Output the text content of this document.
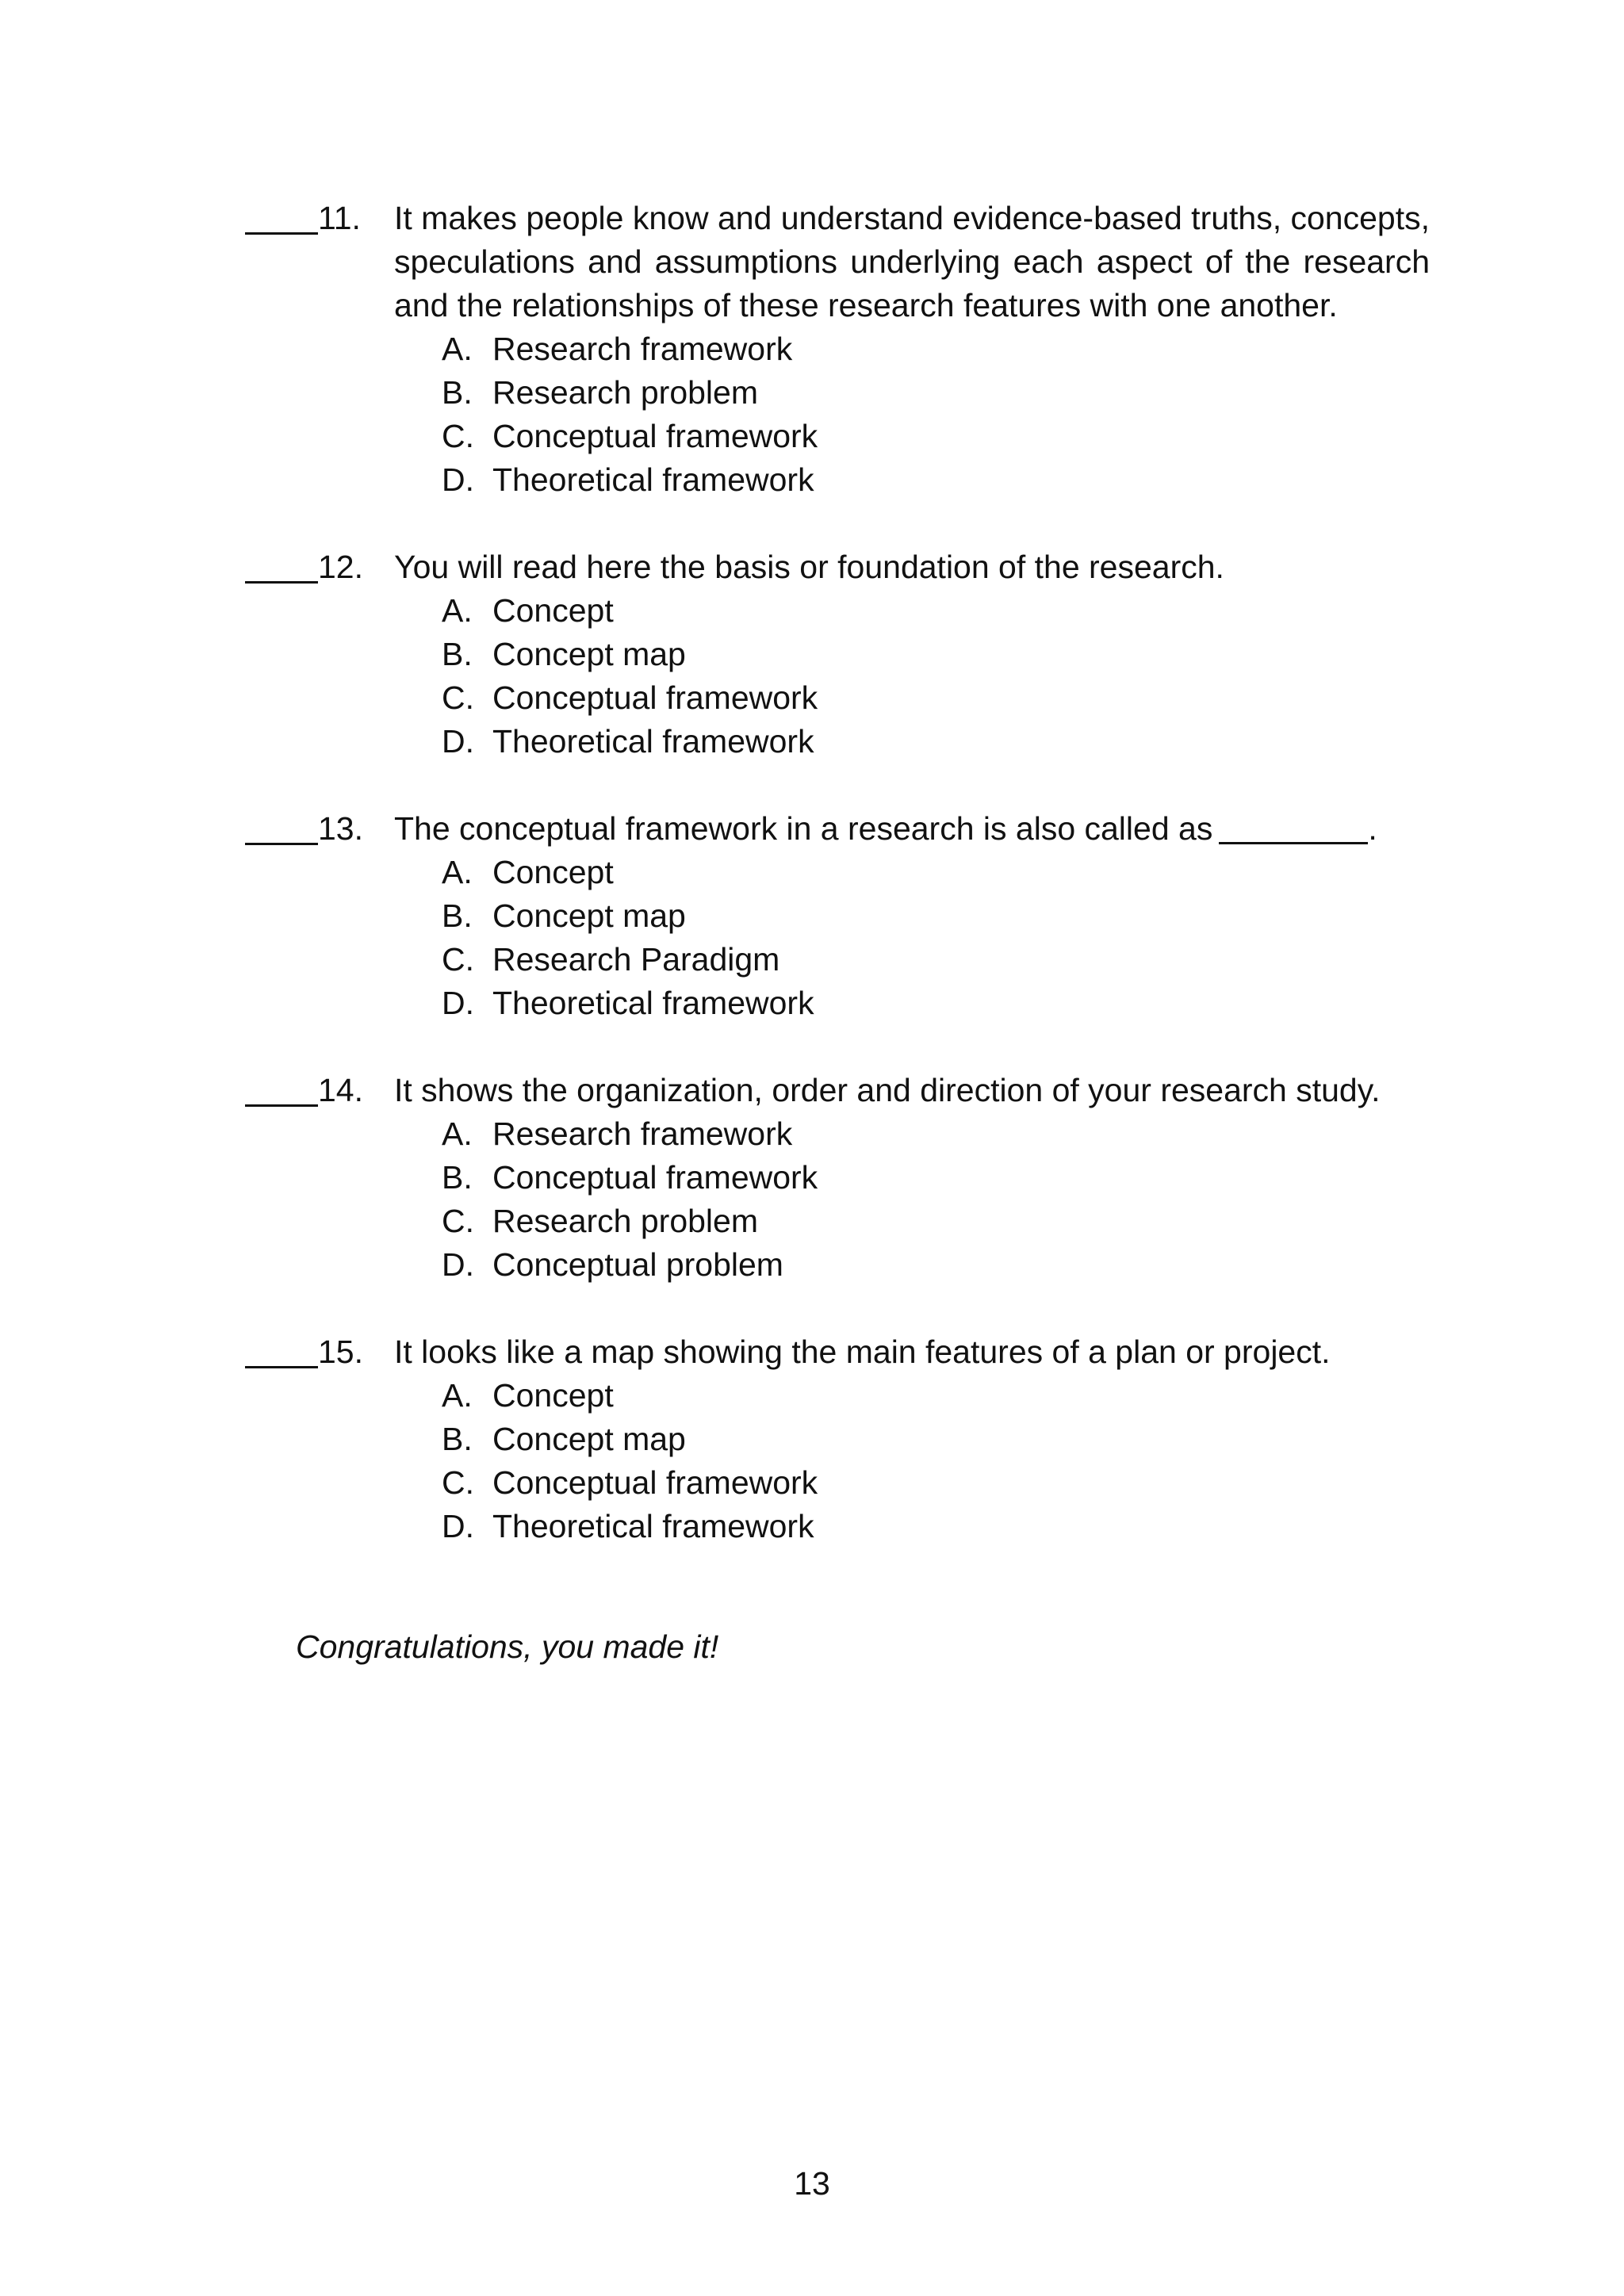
11. It makes people know and understand evidence-based truths, concepts, speculations and assumptions underlying each aspect of the research and the relationships of these research features with one another.
A. Research framework
B. Research problem
C. Conceptual framework
D. Theoretical framework
12. You will read here the basis or foundation of the research.
A. Concept
B. Concept map
C. Conceptual framework
D. Theoretical framework
13. The conceptual framework in a research is also called as	.
A. Concept
B. Concept map
C. Research Paradigm
D. Theoretical framework
14. It shows the organization, order and direction of your research study.
A. Research framework
B. Conceptual framework
C. Research problem
D. Conceptual problem
15. It looks like a map showing the main features of a plan or project.
A. Concept
B. Concept map
C. Conceptual framework
D. Theoretical framework
Congratulations, you made it!
13
